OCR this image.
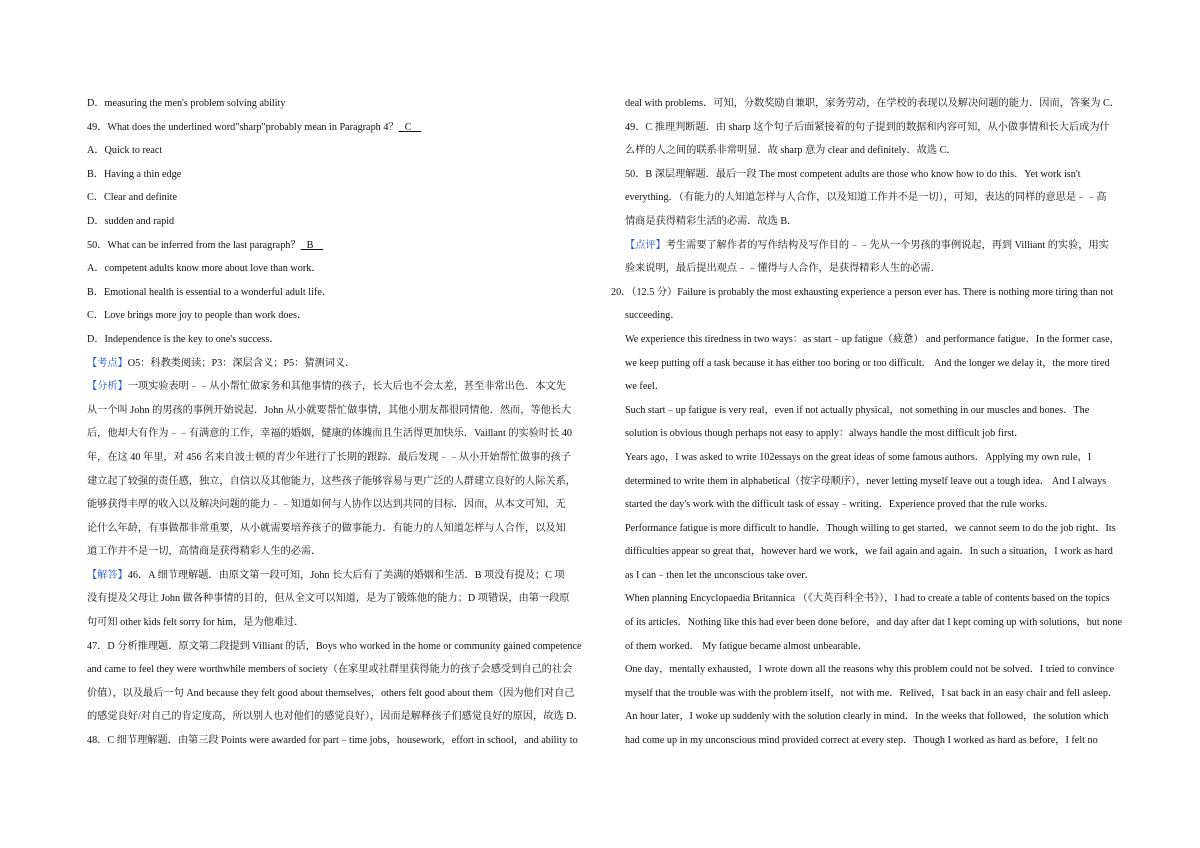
D．measuring the men's problem solving ability
49．What does the underlined word"sharp"probably mean in Paragraph 4？ C
A．Quick to react
B．Having a thin edge
C．Clear and definite
D．sudden and rapid
50．What can be inferred from the last paragraph？ B
A．competent adults know more about love than work．
B．Emotional health is essential to a wonderful adult life．
C．Love brings more joy to people than work does．
D．Independence is the key to one's success．
【考点】O5：科教类阅读；P3：深层含义；P5：猜测词义．
【分析】一项实验表明﹣﹣从小帮忙做家务和其他事情的孩子，长大后也不会太差，甚至非常出色．本文先
从一个叫 John 的男孩的事例开始说起．John 从小就要帮忙做事情，其他小朋友都很同情他．然而，等他长大
后，他却大有作为﹣﹣有满意的工作，幸福的婚姻，健康的体魄而且生活得更加快乐．Vaillant 的实验时长 40
年，在这 40 年里，对 456 名来自波士顿的青少年进行了长期的跟踪．最后发现﹣﹣从小开始帮忙做事的孩子
建立起了较强的责任感，独立，自信以及其他能力，这些孩子能够容易与更广泛的人群建立良好的人际关系，
能够获得丰厚的收入以及解决问题的能力﹣﹣知道如何与人协作以达到共同的目标．因而，从本文可知，无
论什么年龄，有事做都非常重要，从小就需要培养孩子的做事能力．有能力的人知道怎样与人合作，以及知
道工作并不是一切，高情商是获得精彩人生的必需．
【解答】46．A 细节理解题．由原文第一段可知，John 长大后有了美满的婚姻和生活．B 项没有提及；C 项
没有提及父母让 John 做各种事情的目的，但从全文可以知道，是为了锻炼他的能力；D 项错误，由第一段原
句可知 other kids felt sorry for him，是为他难过．
47．D 分析推理题．原文第二段提到 Villiant 的话，Boys who worked in the home or community gained competence
and came to feel they were worthwhile members of society（在家里或社群里获得能力的孩子会感受到自己的社会
价值），以及最后一句 And because they felt good about themselves，others felt good about them（因为他们对自己
的感觉良好/对自己的肯定度高，所以别人也对他们的感觉良好），因而是解释孩子们感觉良好的原因，故选 D．
48．C 细节理解题．由第三段 Points were awarded for part﹣time jobs，housework，effort in school，and ability to
deal with problems．可知，分数奖励自兼职，家务劳动，在学校的表现以及解决问题的能力．因而，答案为 C．
49．C 推理判断题．由 sharp 这个句子后面紧接着的句子提到的数据和内容可知，从小做事情和长大后成为什
么样的人之间的联系非常明显．故 sharp 意为 clear and definitely．故选 C．
50．B 深层理解题．最后一段 The most competent adults are those who know how to do this．Yet work isn't
everything．（有能力的人知道怎样与人合作，以及知道工作并不是一切），可知，表达的同样的意思是﹣﹣高
情商是获得精彩生活的必需．故选 B．
【点评】考生需要了解作者的写作结构及写作目的﹣﹣先从一个男孩的事例说起，再到 Villiant 的实验，用实
验来说明，最后提出观点﹣﹣懂得与人合作，是获得精彩人生的必需．
20．（12.5 分）Failure is probably the most exhausting experience a person ever has. There is nothing more tiring than not
succeeding．
We experience this tiredness in two ways：as start﹣up fatigue（疲惫） and performance fatigue．In the former case，
we keep putting off a task because it has either too boring or too difficult． And the longer we delay it，the more tired
we feel．
Such start﹣up fatigue is very real，even if not actually physical，not something in our muscles and bones．The
solution is obvious though perhaps not easy to apply：always handle the most difficult job first．
Years ago，I was asked to write 102essays on the great ideas of some famous authors．Applying my own rule，I
determined to write them in alphabetical（按字母顺序），never letting myself leave out a tough idea． And I always
started the day's work with the difficult task of essay﹣writing．Experience proved that the rule works．
Performance fatigue is more difficult to handle．Though willing to get started，we cannot seem to do the job right．Its
difficulties appear so great that，however hard we work，we fail again and again．In such a situation，I work as hard
as I can﹣then let the unconscious take over．
When planning Encyclopaedia Britannica （《大英百科全书》），I had to create a table of contents based on the topics
of its articles．Nothing like this had ever been done before，and day after dat I kept coming up with solutions，but none
of them worked． My fatigue became almost unbearable．
One day，mentally exhausted，I wrote down all the reasons why this problem could not be solved．I tried to convince
myself that the trouble was with the problem itself，not with me．Relived，I sat back in an easy chair and fell asleep．
An hour later，I woke up suddenly with the solution clearly in mind．In the weeks that followed，the solution which
had come up in my unconscious mind provided correct at every step．Though I worked as hard as before，I felt no
